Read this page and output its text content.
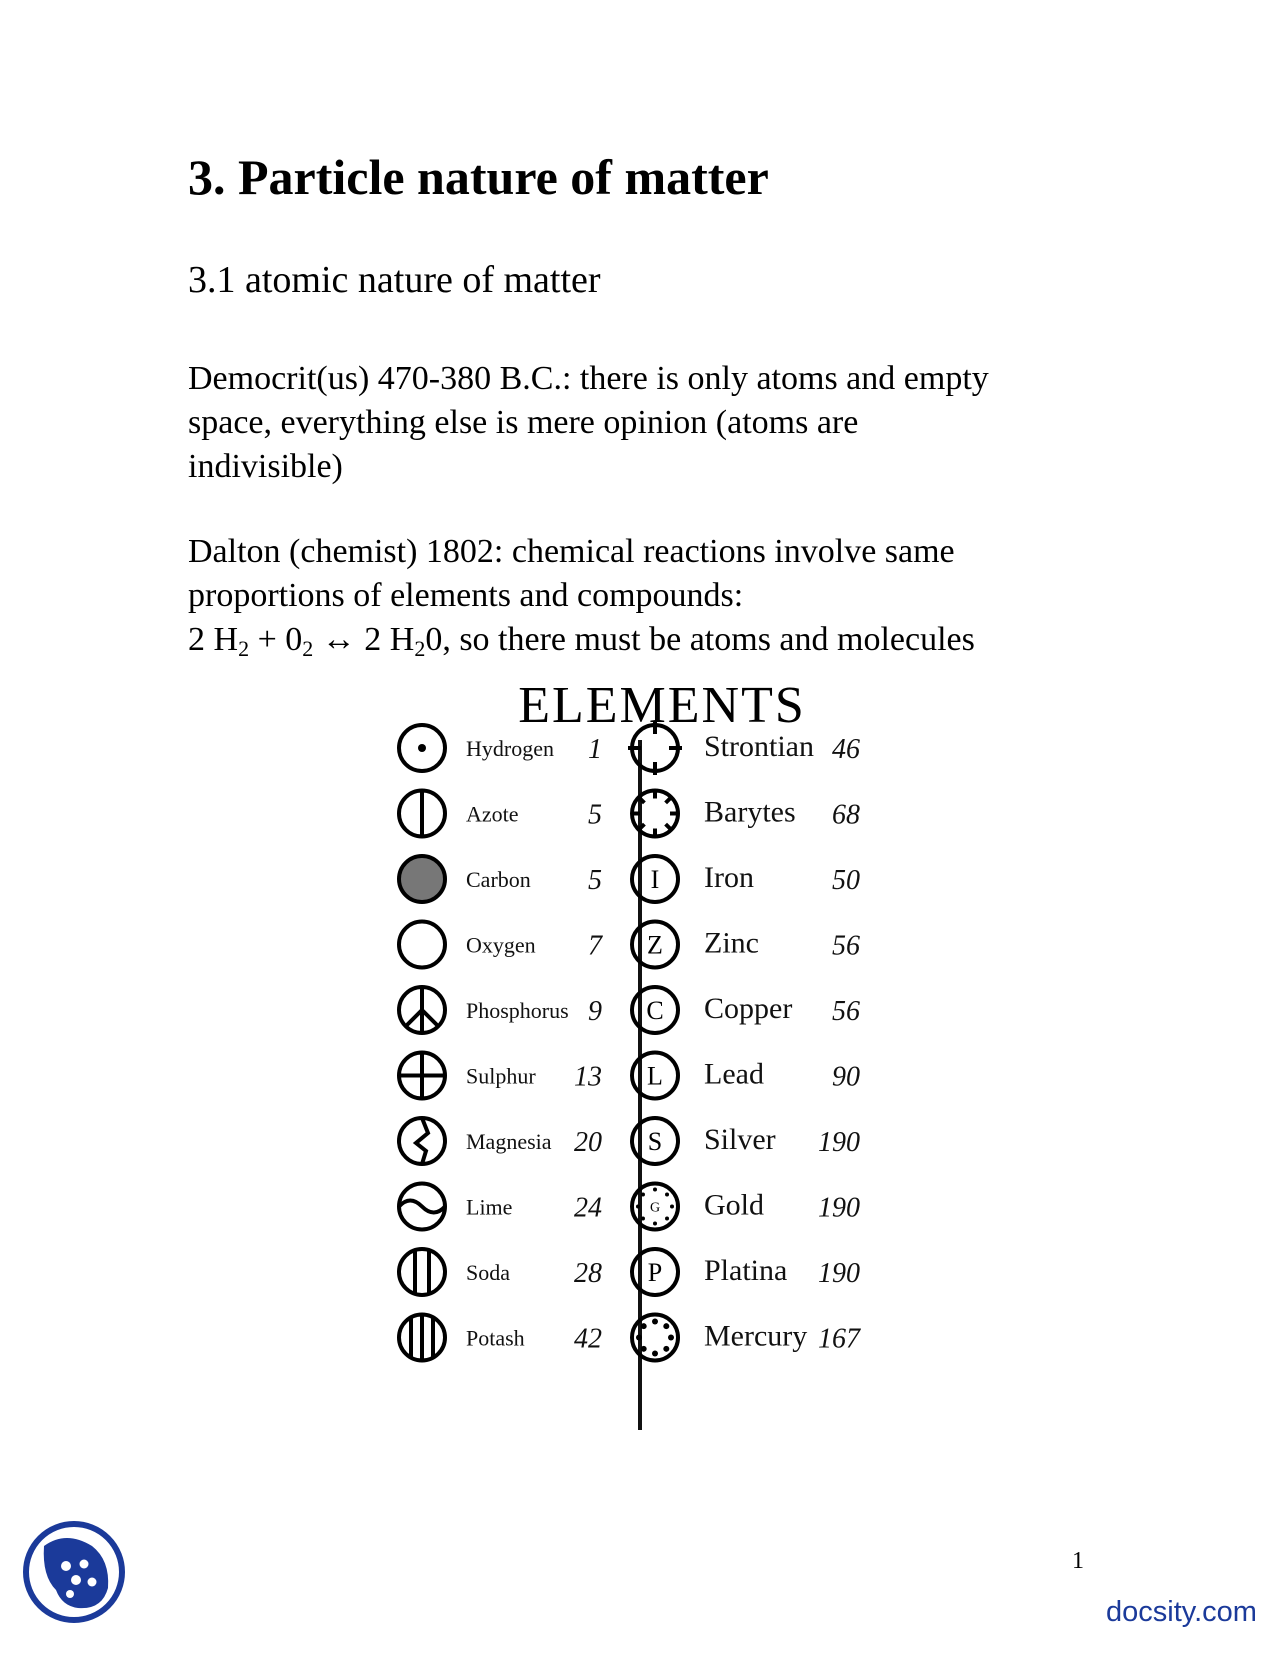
3. Particle nature of matter
3.1 atomic nature of matter

Democrit(us) 470-380 B.C.: there is only atoms and empty
space, everything else is mere opinion (atoms are
indivisible)

Dalton (chemist) 1802: chemical reactions involve same
proportions of elements and compounds:
2 $H_2 + 0_2$ ↔ 2 $H_20$, so there must be atoms and molecules

ELEMENTS
Hydrogen 1
Azote 5
Carbon 5
Oxygen 7
Phosphorus 9
Sulphur 13
Magnesia 20
Lime 24
Soda 28
Potash 42
Strontian 46
Barytes 68
I Iron	50
Z Zinc	56
C Copper 56
L Lead 90
S Silver 190
G Gold 190
P Platina 190
Mercury 167
1
docsity.com
